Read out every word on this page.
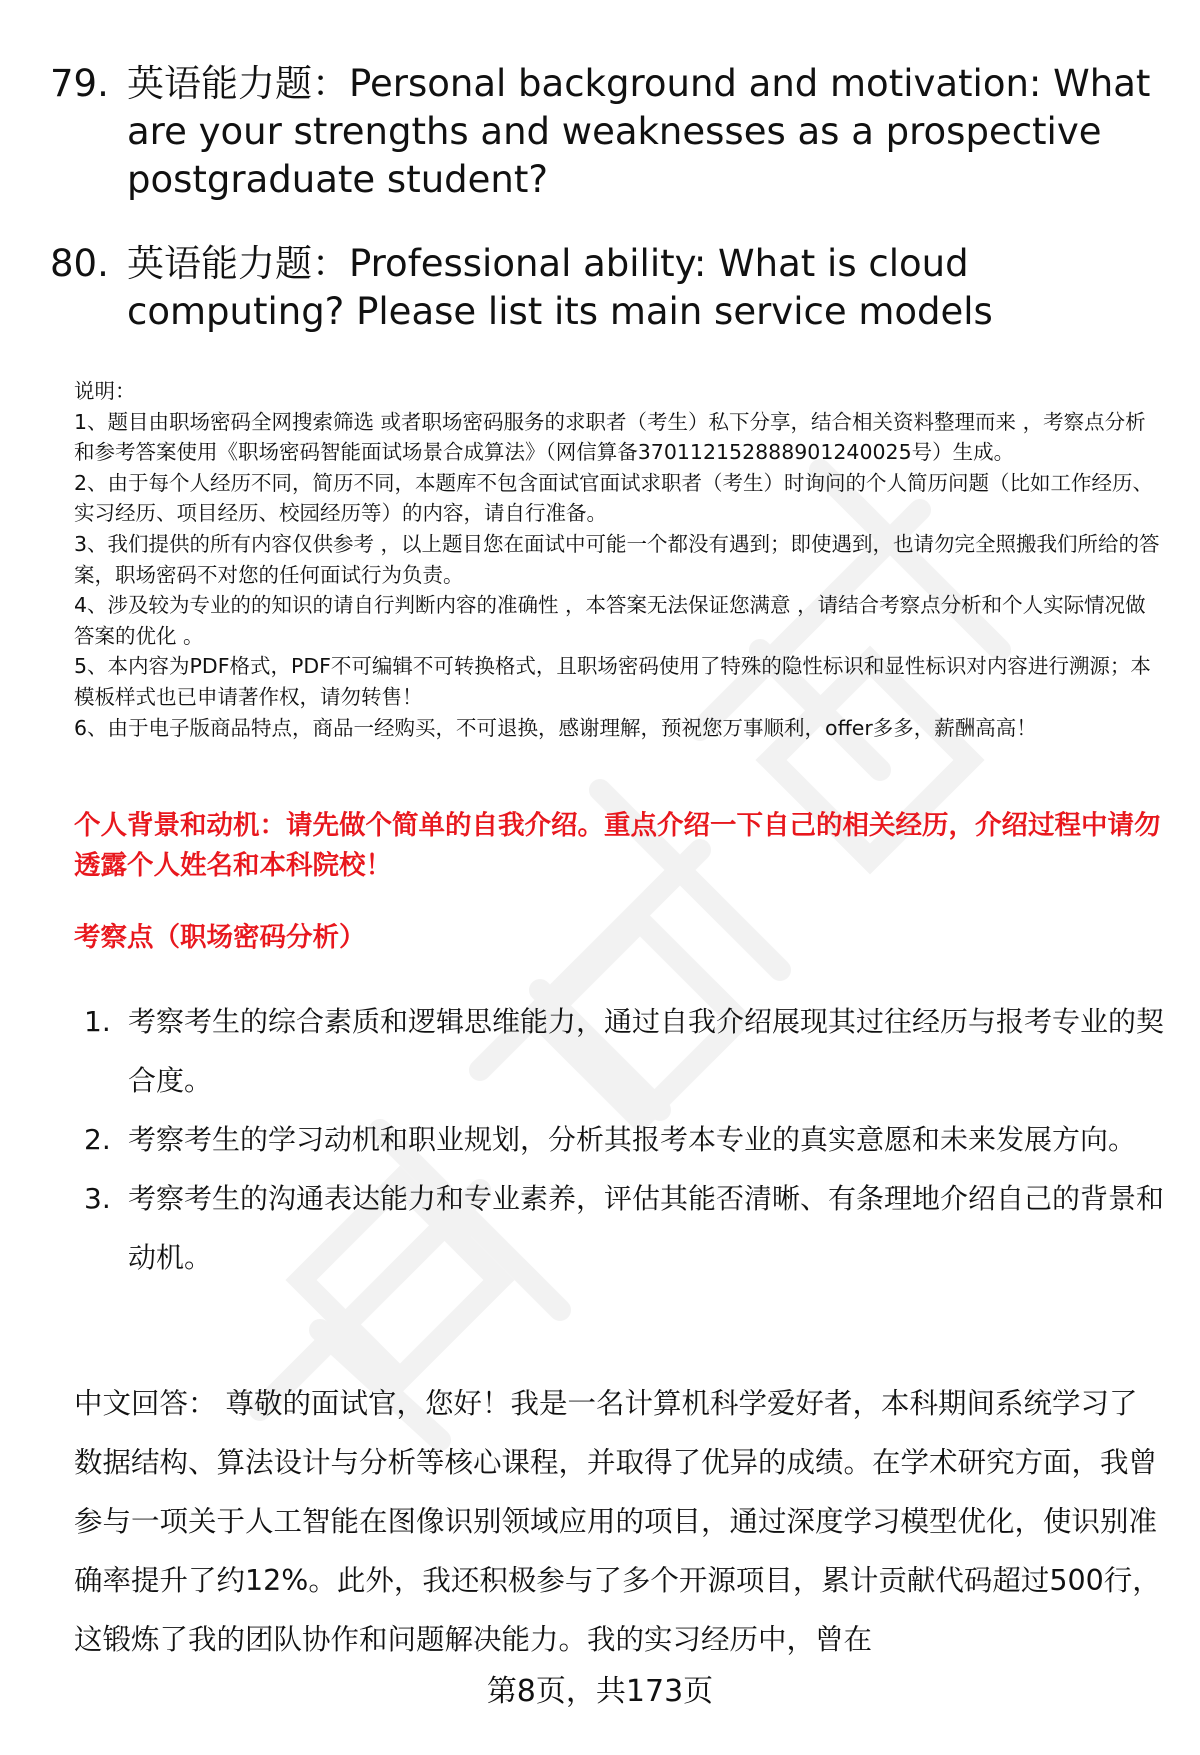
79. 英语能力题：Personal background and motivation: What are your strengths and weaknesses as a prospective postgraduate student?
80. 英语能力题：Professional ability: What is cloud computing? Please list its main service models
说明：
1、题目由职场密码全网搜索筛选 或者职场密码服务的求职者（考生）私下分享，结合相关资料整理而来 ，考察点分析和参考答案使用《职场密码智能面试场景合成算法》（网信算备370112152888901240025号）生成。
2、由于每个人经历不同，简历不同，本题库不包含面试官面试求职者（考生）时询问的个人简历问题（比如工作经历、实习经历、项目经历、校园经历等）的内容，请自行准备。
3、我们提供的所有内容仅供参考 ，以上题目您在面试中可能一个都没有遇到；即使遇到，也请勿完全照搬我们所给的答案，职场密码不对您的任何面试行为负责。
4、涉及较为专业的的知识的请自行判断内容的准确性 ，本答案无法保证您满意 ，请结合考察点分析和个人实际情况做答案的优化 。
5、本内容为PDF格式，PDF不可编辑不可转换格式，且职场密码使用了特殊的隐性标识和显性标识对内容进行溯源；本模板样式也已申请著作权，请勿转售！
6、由于电子版商品特点，商品一经购买，不可退换，感谢理解，预祝您万事顺利，offer多多，薪酬高高！
个人背景和动机：请先做个简单的自我介绍。重点介绍一下自己的相关经历，介绍过程中请勿透露个人姓名和本科院校！
考察点（职场密码分析）
1. 考察考生的综合素质和逻辑思维能力，通过自我介绍展现其过往经历与报考专业的契合度。
2. 考察考生的学习动机和职业规划，分析其报考本专业的真实意愿和未来发展方向。
3. 考察考生的沟通表达能力和专业素养，评估其能否清晰、有条理地介绍自己的背景和动机。
中文回答： 尊敬的面试官，您好！我是一名计算机科学爱好者，本科期间系统学习了数据结构、算法设计与分析等核心课程，并取得了优异的成绩。在学术研究方面，我曾参与一项关于人工智能在图像识别领域应用的项目，通过深度学习模型优化，使识别准确率提升了约12%。此外，我还积极参与了多个开源项目，累计贡献代码超过500行，这锻炼了我的团队协作和问题解决能力。我的实习经历中，曾在
第8页，共173页
